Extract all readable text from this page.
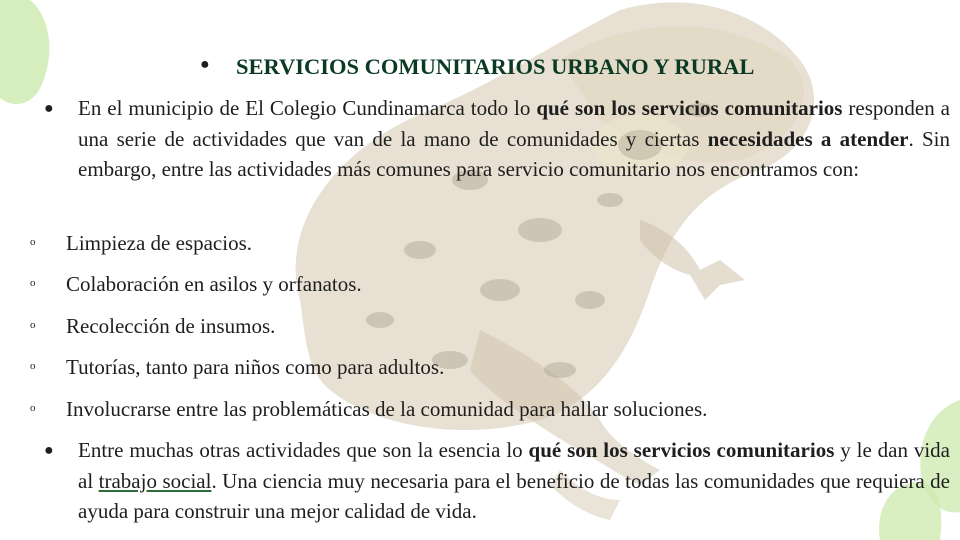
● SERVICIOS COMUNITARIOS URBANO Y RURAL
● En el municipio de El Colegio Cundinamarca todo lo qué son los servicios comunitarios responden a una serie de actividades que van de la mano de comunidades y ciertas necesidades a atender. Sin embargo, entre las actividades más comunes para servicio comunitario nos encontramos con:
o Limpieza de espacios.
o Colaboración en asilos y orfanatos.
o Recolección de insumos.
o Tutorías, tanto para niños como para adultos.
o Involucrarse entre las problemáticas de la comunidad para hallar soluciones.
● Entre muchas otras actividades que son la esencia lo qué son los servicios comunitarios y le dan vida al trabajo social. Una ciencia muy necesaria para el beneficio de todas las comunidades que requiera de ayuda para construir una mejor calidad de vida.
